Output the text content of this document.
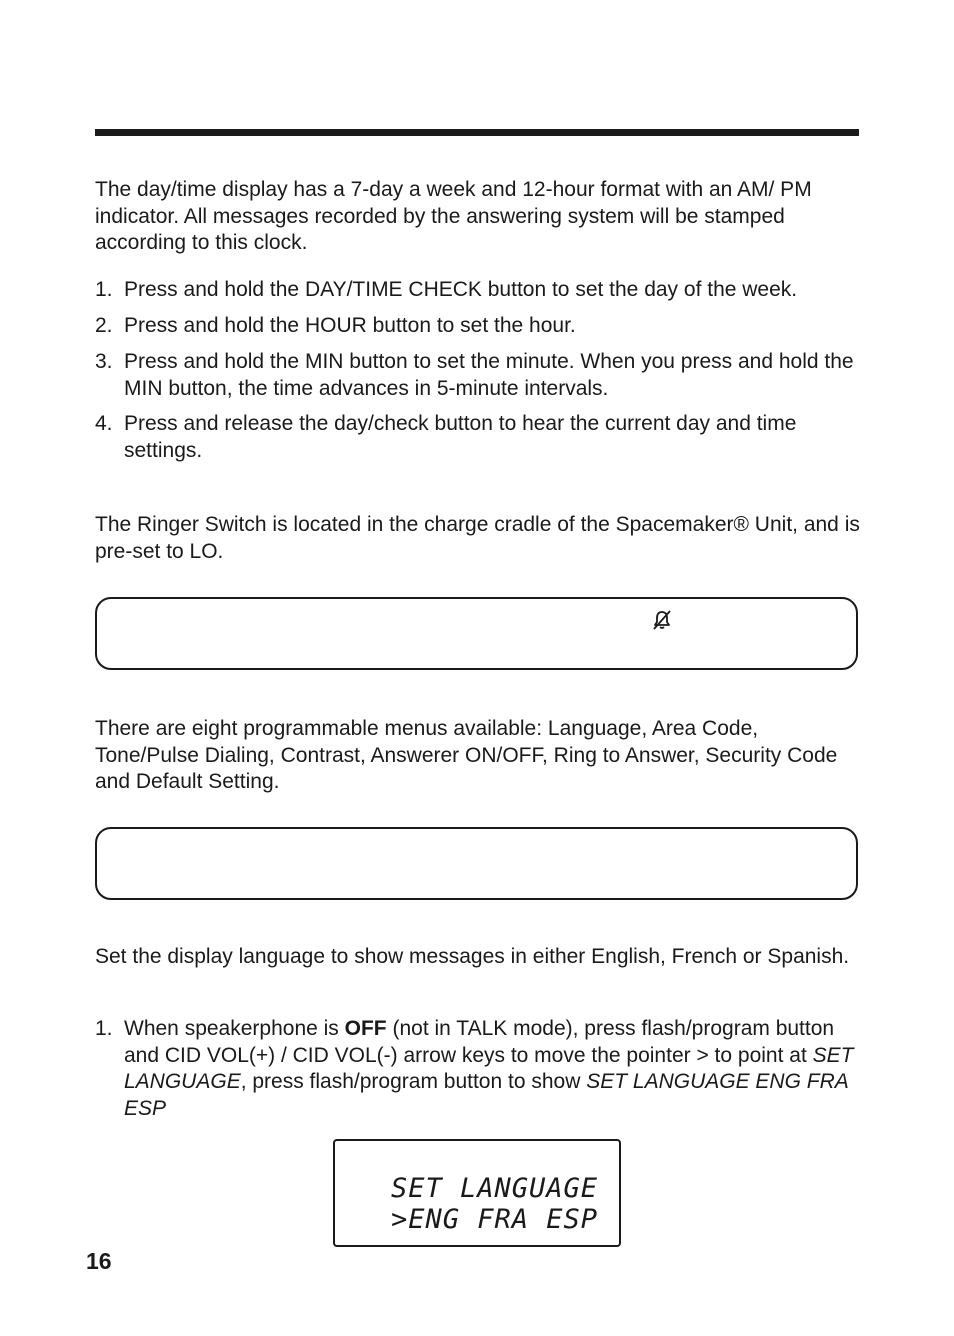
The day/time display has a 7-day a week and 12-hour format with an AM/ PM indicator. All messages recorded by the answering system will be stamped according to this clock.

1. Press and hold the DAY/TIME CHECK button to set the day of the week.
2. Press and hold the HOUR button to set the hour.
3. Press and hold the MIN button to set the minute. When you press and hold the MIN button, the time advances in 5-minute intervals.
4. Press and release the day/check button to hear the current day and time settings.

The Ringer Switch is located in the charge cradle of the Spacemaker® Unit, and is pre-set to LO.

There are eight programmable menus available: Language, Area Code, Tone/Pulse Dialing, Contrast, Answerer ON/OFF, Ring to Answer, Security Code and Default Setting.

Set the display language to show messages in either English, French or Spanish.

1. When speakerphone is OFF (not in TALK mode), press flash/program button and CID VOL(+) / CID VOL(-) arrow keys to move the pointer > to point at SET LANGUAGE, press flash/program button to show SET LANGUAGE ENG FRA ESP
SET LANGUAGE
>ENG FRA ESP
16
